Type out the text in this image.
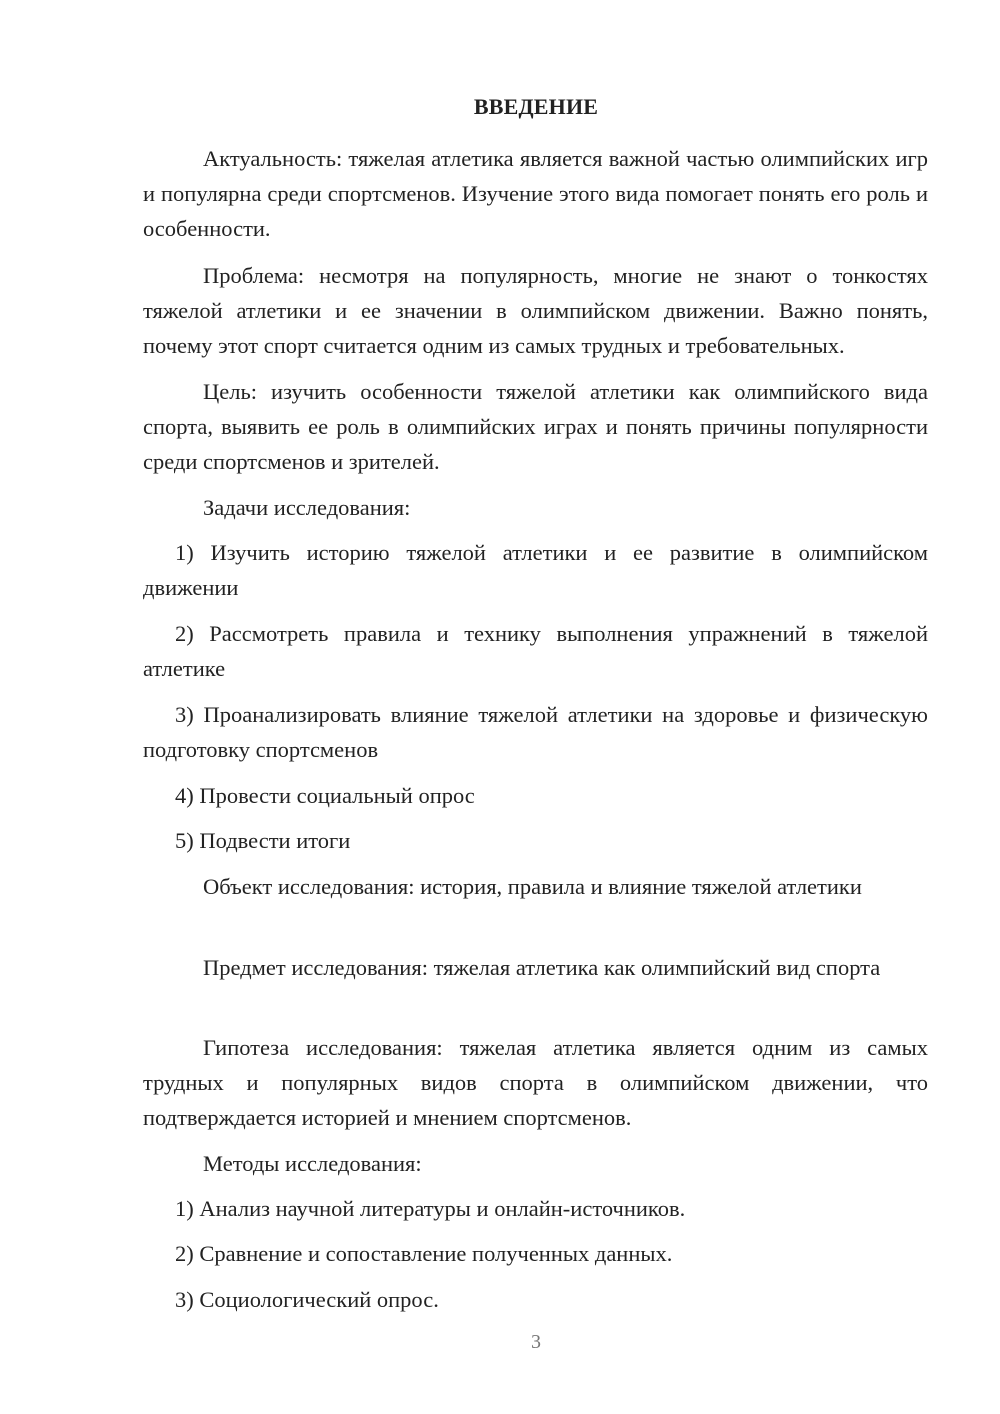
ВВЕДЕНИЕ

Актуальность: тяжелая атлетика является важной частью олимпийских игр и популярна среди спортсменов. Изучение этого вида помогает понять его роль и особенности.

Проблема: несмотря на популярность, многие не знают о тонкостях тяжелой атлетики и ее значении в олимпийском движении. Важно понять, почему этот спорт считается одним из самых трудных и требовательных.

Цель: изучить особенности тяжелой атлетики как олимпийского вида спорта, выявить ее роль в олимпийских играх и понять причины популярности среди спортсменов и зрителей.

Задачи исследования:

1) Изучить историю тяжелой атлетики и ее развитие в олимпийском движении

2) Рассмотреть правила и технику выполнения упражнений в тяжелой атлетике

3) Проанализировать влияние тяжелой атлетики на здоровье и физическую подготовку спортсменов

4) Провести социальный опрос

5) Подвести итоги

Объект исследования: история, правила и влияние тяжелой атлетики

Предмет исследования: тяжелая атлетика как олимпийский вид спорта

Гипотеза исследования: тяжелая атлетика является одним из самых трудных и популярных видов спорта в олимпийском движении, что подтверждается историей и мнением спортсменов.

Методы исследования:

1) Анализ научной литературы и онлайн-источников.

2) Сравнение и сопоставление полученных данных.

3) Социологический опрос.

3
